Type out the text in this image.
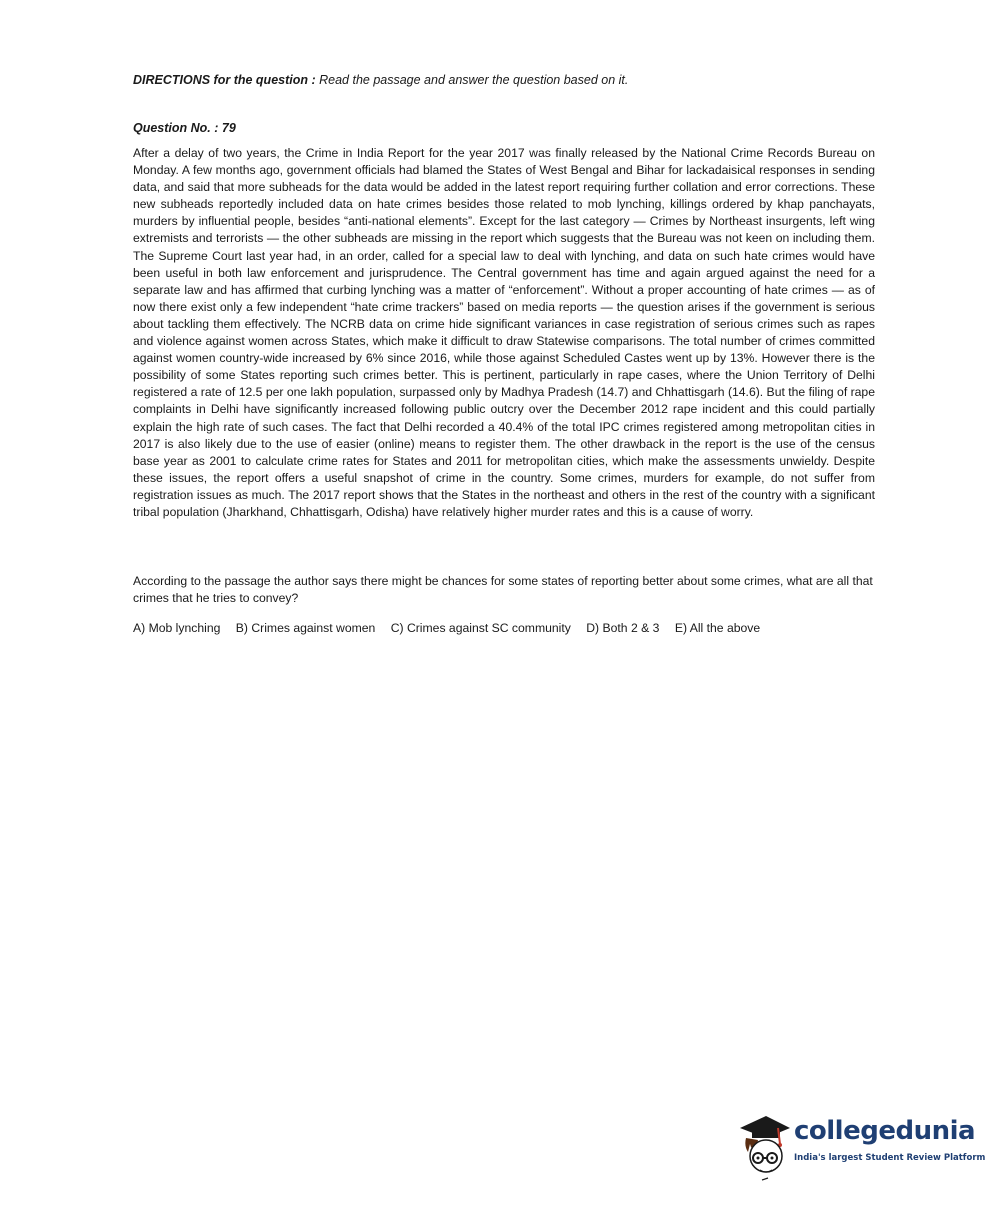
DIRECTIONS for the question : Read the passage and answer the question based on it.
Question No. : 79
After a delay of two years, the Crime in India Report for the year 2017 was finally released by the National Crime Records Bureau on Monday. A few months ago, government officials had blamed the States of West Bengal and Bihar for lackadaisical responses in sending data, and said that more subheads for the data would be added in the latest report requiring further collation and error corrections. These new subheads reportedly included data on hate crimes besides those related to mob lynching, killings ordered by khap panchayats, murders by influential people, besides “anti-national elements”. Except for the last category — Crimes by Northeast insurgents, left wing extremists and terrorists — the other subheads are missing in the report which suggests that the Bureau was not keen on including them. The Supreme Court last year had, in an order, called for a special law to deal with lynching, and data on such hate crimes would have been useful in both law enforcement and jurisprudence. The Central government has time and again argued against the need for a separate law and has affirmed that curbing lynching was a matter of “enforcement”. Without a proper accounting of hate crimes — as of now there exist only a few independent “hate crime trackers” based on media reports — the question arises if the government is serious about tackling them effectively. The NCRB data on crime hide significant variances in case registration of serious crimes such as rapes and violence against women across States, which make it difficult to draw Statewise comparisons. The total number of crimes committed against women country-wide increased by 6% since 2016, while those against Scheduled Castes went up by 13%. However there is the possibility of some States reporting such crimes better. This is pertinent, particularly in rape cases, where the Union Territory of Delhi registered a rate of 12.5 per one lakh population, surpassed only by Madhya Pradesh (14.7) and Chhattisgarh (14.6). But the filing of rape complaints in Delhi have significantly increased following public outcry over the December 2012 rape incident and this could partially explain the high rate of such cases. The fact that Delhi recorded a 40.4% of the total IPC crimes registered among metropolitan cities in 2017 is also likely due to the use of easier (online) means to register them. The other drawback in the report is the use of the census base year as 2001 to calculate crime rates for States and 2011 for metropolitan cities, which make the assessments unwieldy. Despite these issues, the report offers a useful snapshot of crime in the country. Some crimes, murders for example, do not suffer from registration issues as much. The 2017 report shows that the States in the northeast and others in the rest of the country with a significant tribal population (Jharkhand, Chhattisgarh, Odisha) have relatively higher murder rates and this is a cause of worry.
According to the passage the author says there might be chances for some states of reporting better about some crimes, what are all that crimes that he tries to convey?
A) Mob lynching B) Crimes against women C) Crimes against SC community D) Both 2 & 3 E) All the above
collegedunia
India's largest Student Review Platform
